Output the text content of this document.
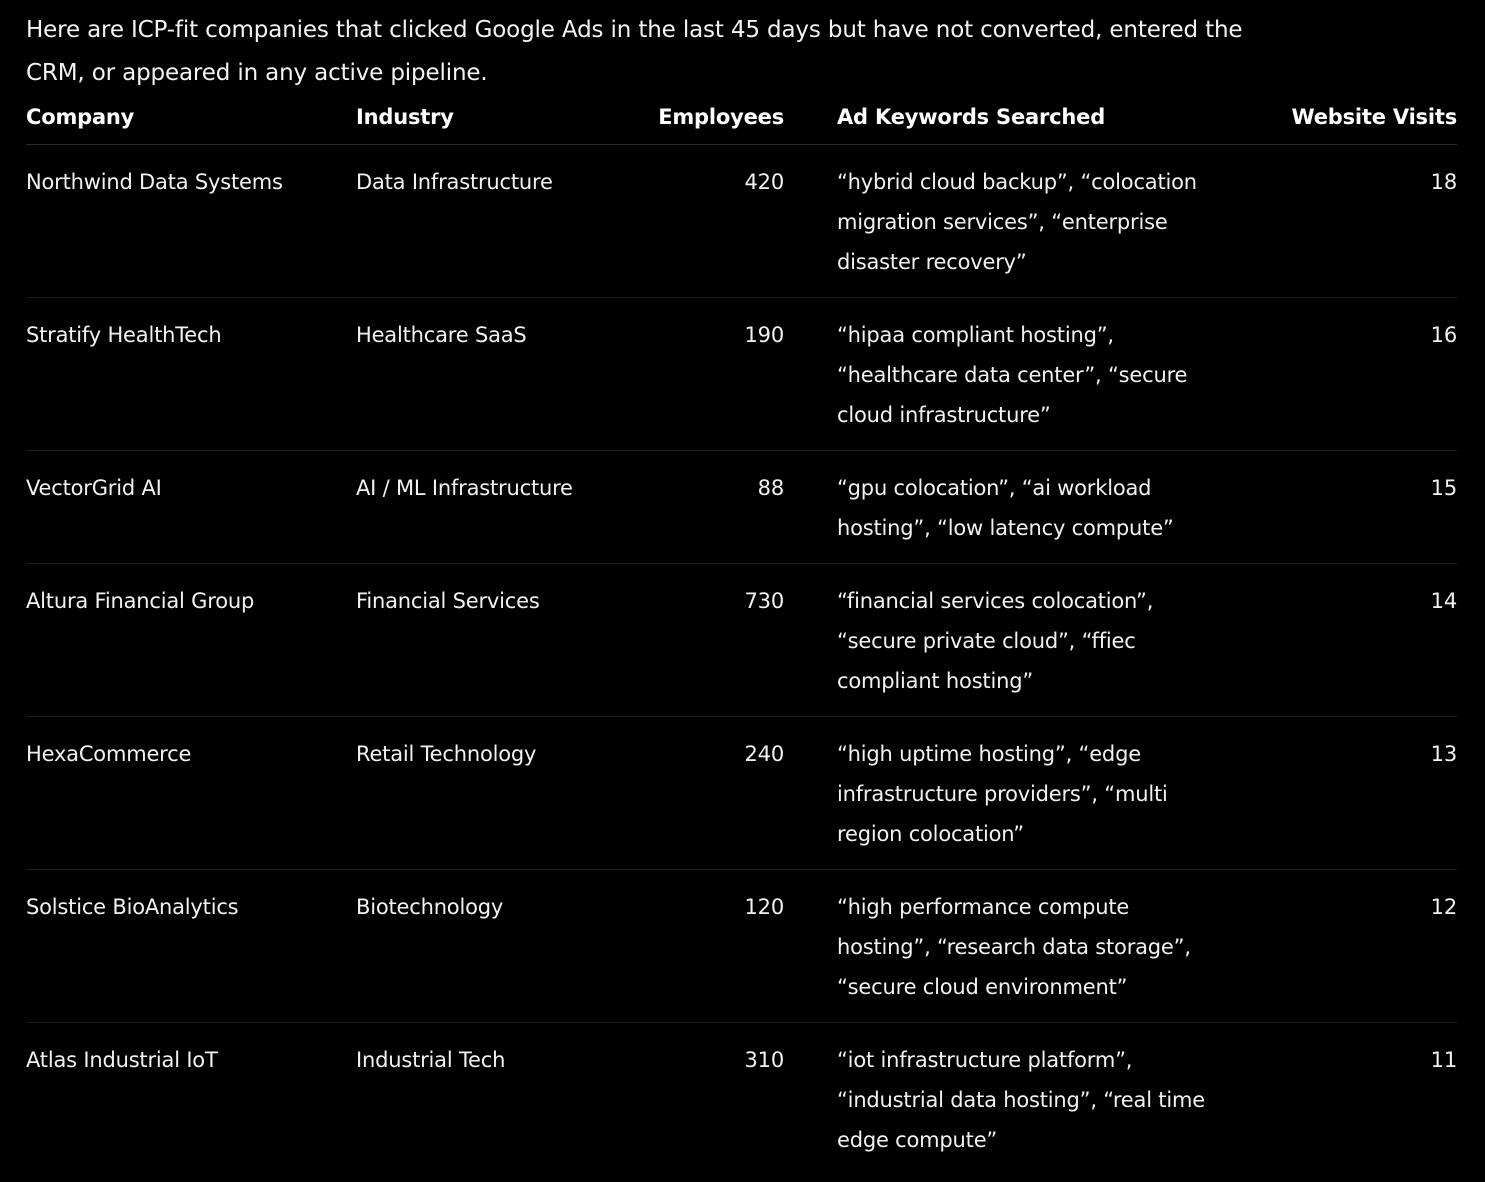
Here are ICP-fit companies that clicked Google Ads in the last 45 days but have not converted, entered the CRM, or appeared in any active pipeline.

Company	Industry	Employees		Ad Keywords Searched	Website Visits
Northwind Data Systems	Data Infrastructure	420		“hybrid cloud backup”, “colocation migration services”, “enterprise disaster recovery”	18
Stratify HealthTech	Healthcare SaaS	190		“hipaa compliant hosting”, “healthcare data center”, “secure cloud infrastructure”	16
VectorGrid AI	AI / ML Infrastructure	88		“gpu colocation”, “ai workload hosting”, “low latency compute”	15
Altura Financial Group	Financial Services	730		“financial services colocation”, “secure private cloud”, “ffiec compliant hosting”	14
HexaCommerce	Retail Technology	240		“high uptime hosting”, “edge infrastructure providers”, “multi region colocation”	13
Solstice BioAnalytics	Biotechnology	120		“high performance compute hosting”, “research data storage”, “secure cloud environment”	12
Atlas Industrial IoT	Industrial Tech	310		“iot infrastructure platform”, “industrial data hosting”, “real time edge compute”	11
